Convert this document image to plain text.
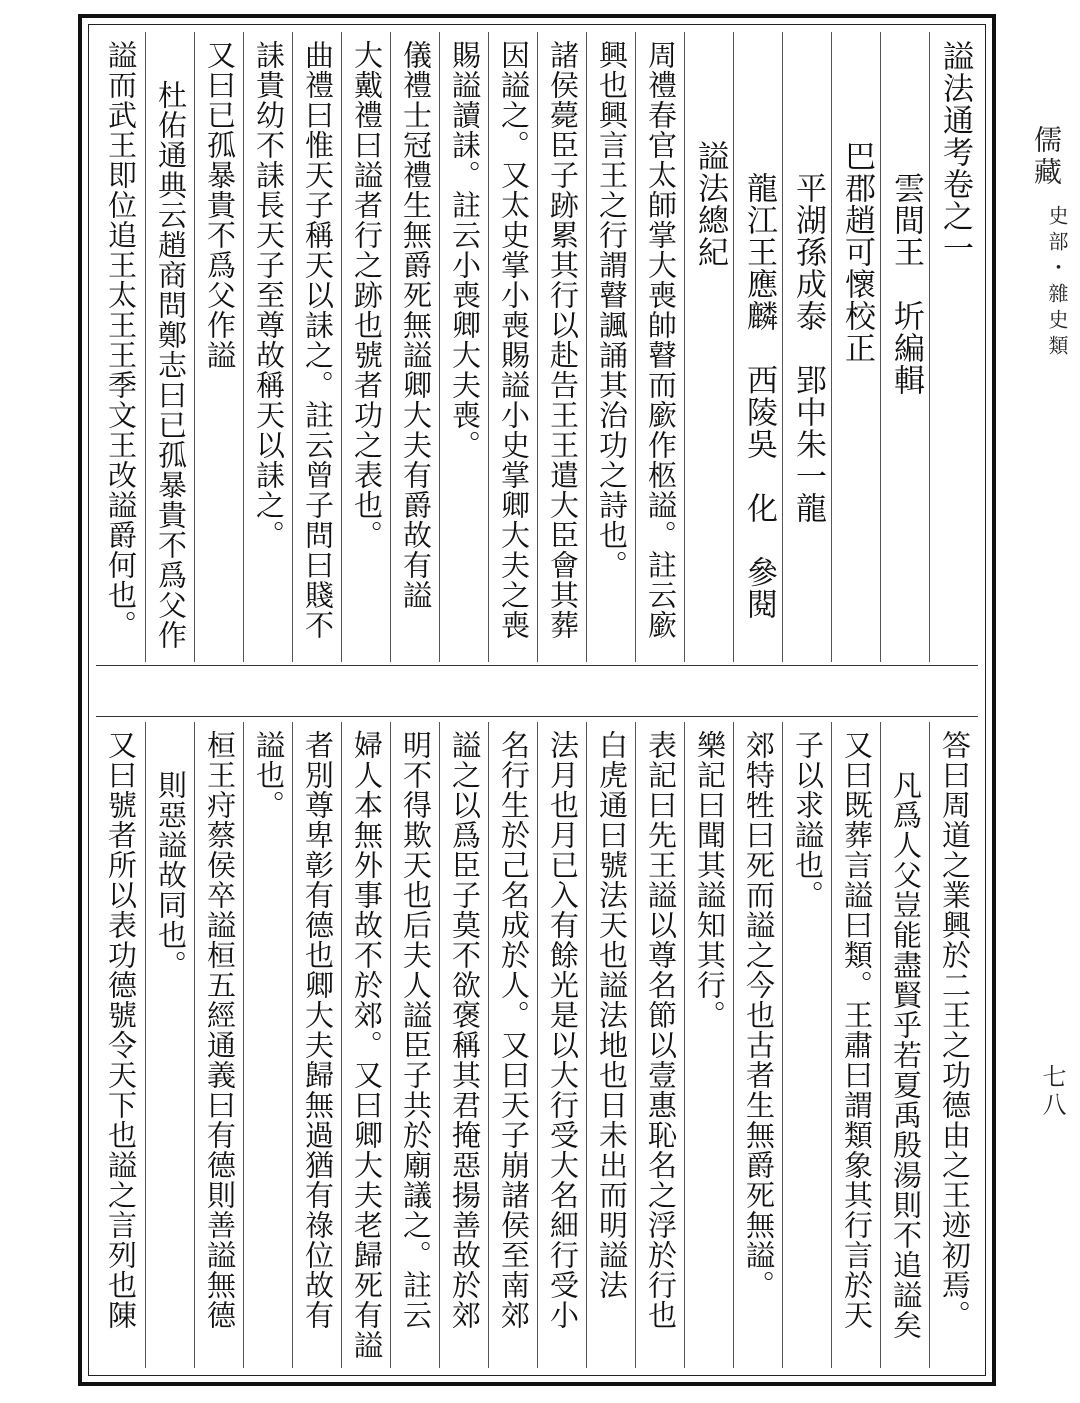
儒藏
史部・雜史類
七八
謚法通考卷之一
雲間王　圻編輯
巴郡趙可懷校正
平湖孫成泰　郢中朱一龍
龍江王應麟　西陵吳　化　參閱
謚法總紀
周禮春官太師掌大喪帥瞽而廞作柩謚。註云廞
興也興言王之行謂瞽諷誦其治功之詩也。
諸侯薨臣子跡累其行以赴告王王遣大臣會其葬
因謚之。又太史掌小喪賜謚小史掌卿大夫之喪
賜謚讀誄。註云小喪卿大夫喪。
儀禮士冠禮生無爵死無謚卿大夫有爵故有謚
大戴禮曰謚者行之跡也號者功之表也。
曲禮曰惟天子稱天以誄之。註云曾子問曰賤不
誄貴幼不誄長天子至尊故稱天以誄之。
又曰已孤暴貴不爲父作謚
杜佑通典云趙商問鄭志曰已孤暴貴不爲父作
謚而武王即位追王太王王季文王改謚爵何也。
答曰周道之業興於二王之功德由之王迹初焉。
凡爲人父豈能盡賢乎若夏禹殷湯則不追謚矣
又曰既葬言謚曰類。王肅曰謂類象其行言於天
子以求謚也。
郊特牲曰死而謚之今也古者生無爵死無謚。
樂記曰聞其謚知其行。
表記曰先王謚以尊名節以壹惠恥名之浮於行也
白虎通曰號法天也謚法地也日未出而明謚法
法月也月已入有餘光是以大行受大名細行受小
名行生於己名成於人。又曰天子崩諸侯至南郊
謚之以爲臣子莫不欲褒稱其君掩惡揚善故於郊
明不得欺天也后夫人謚臣子共於廟議之。註云
婦人本無外事故不於郊。又曰卿大夫老歸死有謚
者別尊卑彰有德也卿大夫歸無過猶有祿位故有
謚也。
桓王疛蔡侯卒謚桓五經通義曰有德則善謚無德
則惡謚故同也。
又曰號者所以表功德號令天下也謚之言列也陳
